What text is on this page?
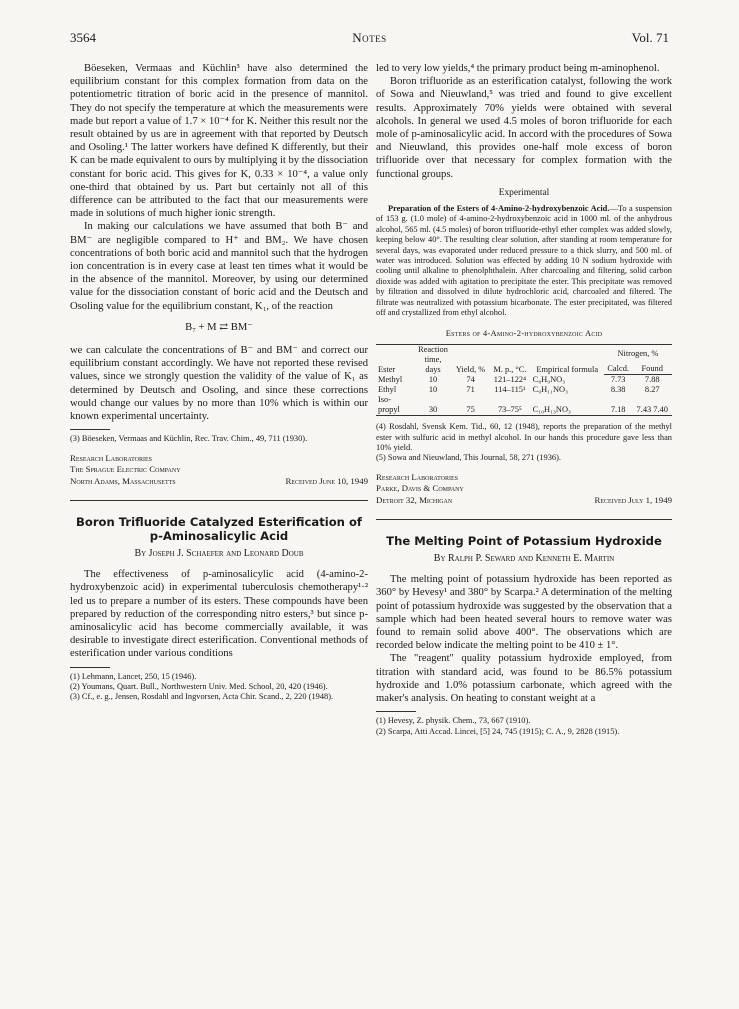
3564	Notes	Vol. 71

Böeseken, Vermaas and Küchlin³ have also determined the equilibrium constant for this complex formation from data on the potentiometric titration of boric acid in the presence of mannitol. They do not specify the temperature at which the measurements were made but report a value of 1.7 × 10⁻⁴ for K. Neither this result nor the result obtained by us are in agreement with that reported by Deutsch and Osoling.¹ The latter workers have defined K differently, but their K can be made equivalent to ours by multiplying it by the dissociation constant for boric acid. This gives for K, 0.33 × 10⁻⁴, a value only one-third that obtained by us. Part but certainly not all of this difference can be attributed to the fact that our measurements were made in solutions of much higher ionic strength.

In making our calculations we have assumed that both B⁻ and BM⁻ are negligible compared to H⁺ and BM₂. We have chosen concentrations of both boric acid and mannitol such that the hydrogen ion concentration is in every case at least ten times what it would be in the absence of the mannitol. Moreover, by using our determined value for the dissociation constant of boric acid and the Deutsch and Osoling value for the equilibrium constant, K₁, of the reaction

B₇ + M ⇄ BM⁻

we can calculate the concentrations of B⁻ and BM⁻ and correct our equilibrium constant accordingly. We have not reported these revised values, since we strongly question the validity of the value of K₁ as determined by Deutsch and Osoling, and since these corrections would change our values by no more than 10% which is within our known experimental uncertainty.

(3) Böeseken, Vermaas and Küchlin, Rec. Trav. Chim., 49, 711 (1930).
Research Laboratories
The Sprague Electric Company
North Adams, Massachusetts	Received June 10, 1949
Boron Trifluoride Catalyzed Esterification of p-Aminosalicylic Acid
By Joseph J. Schaefer and Leonard Doub

The effectiveness of p-aminosalicylic acid (4-amino-2-hydroxybenzoic acid) in experimental tuberculosis chemotherapy¹·² led us to prepare a number of its esters. These compounds have been prepared by reduction of the corresponding nitro esters,³ but since p-aminosalicylic acid has become commercially available, it was desirable to investigate direct esterification. Conventional methods of esterification under various conditions

(1) Lehmann, Lancet, 250, 15 (1946).
(2) Youmans, Quart. Bull., Northwestern Univ. Med. School, 20, 420 (1946).
(3) Cf., e. g., Jensen, Rosdahl and Ingvorsen, Acta Chir. Scand., 2, 220 (1948).

led to very low yields,⁴ the primary product being m-aminophenol.

Boron trifluoride as an esterification catalyst, following the work of Sowa and Nieuwland,⁵ was tried and found to give excellent results. Approximately 70% yields were obtained with several alcohols. In general we used 4.5 moles of boron trifluoride for each mole of p-aminosalicylic acid. In accord with the procedures of Sowa and Nieuwland, this provides one-half mole excess of boron trifluoride over that necessary for complex formation with the functional groups.

Experimental

Preparation of the Esters of 4-Amino-2-hydroxybenzoic Acid.—To a suspension of 153 g. (1.0 mole) of 4-amino-2-hydroxybenzoic acid in 1000 ml. of the anhydrous alcohol, 565 ml. (4.5 moles) of boron trifluoride-ethyl ether complex was added slowly, keeping below 40°. The resulting clear solution, after standing at room temperature for several days, was evaporated under reduced pressure to a thick slurry, and 500 ml. of water was introduced. Solution was effected by adding 10 N sodium hydroxide with cooling until alkaline to phenolphthalein. After charcoaling and filtering, solid carbon dioxide was added with agitation to precipitate the ester. This precipitate was removed by filtration and dissolved in dilute hydrochloric acid, charcoaled and filtered. The filtrate was neutralized with potassium bicarbonate. The ester precipitated, was filtered off and crystallized from ethyl alcohol.

Esters of 4-Amino-2-hydroxybenzoic Acid
Ester	Reaction time, days	Yield, %	M. p., °C.	Empirical formula	Nitrogen, %	
					Calcd.	Found
Methyl	10	74	121–122⁴	C₈H₉NO₃	7.73	7.88
Ethyl	10	71	114–115¹	C₉H₁₁NO₃	8.38	8.27
Iso-propyl	30	75	73–75⁵	C₁₀H₁₃NO₃	7.18	7.43 7.40
(4) Rosdahl, Svensk Kem. Tid., 60, 12 (1948), reports the preparation of the methyl ester with sulfuric acid in methyl alcohol. In our hands this procedure gave less than 10% yield.
(5) Sowa and Nieuwland, This Journal, 58, 271 (1936).
Research Laboratories
Parke, Davis & Company
Detroit 32, Michigan	Received July 1, 1949
The Melting Point of Potassium Hydroxide
By Ralph P. Seward and Kenneth E. Martin

The melting point of potassium hydroxide has been reported as 360° by Hevesy¹ and 380° by Scarpa.² A determination of the melting point of potassium hydroxide was suggested by the observation that a sample which had been heated several hours to remove water was found to remain solid above 400°. The observations which are recorded below indicate the melting point to be 410 ± 1°.

The "reagent" quality potassium hydroxide employed, from titration with standard acid, was found to be 86.5% potassium hydroxide and 1.0% potassium carbonate, which agreed with the maker's analysis. On heating to constant weight at a

(1) Hevesy, Z. physik. Chem., 73, 667 (1910).
(2) Scarpa, Atti Accad. Lincei, [5] 24, 745 (1915); C. A., 9, 2828 (1915).
